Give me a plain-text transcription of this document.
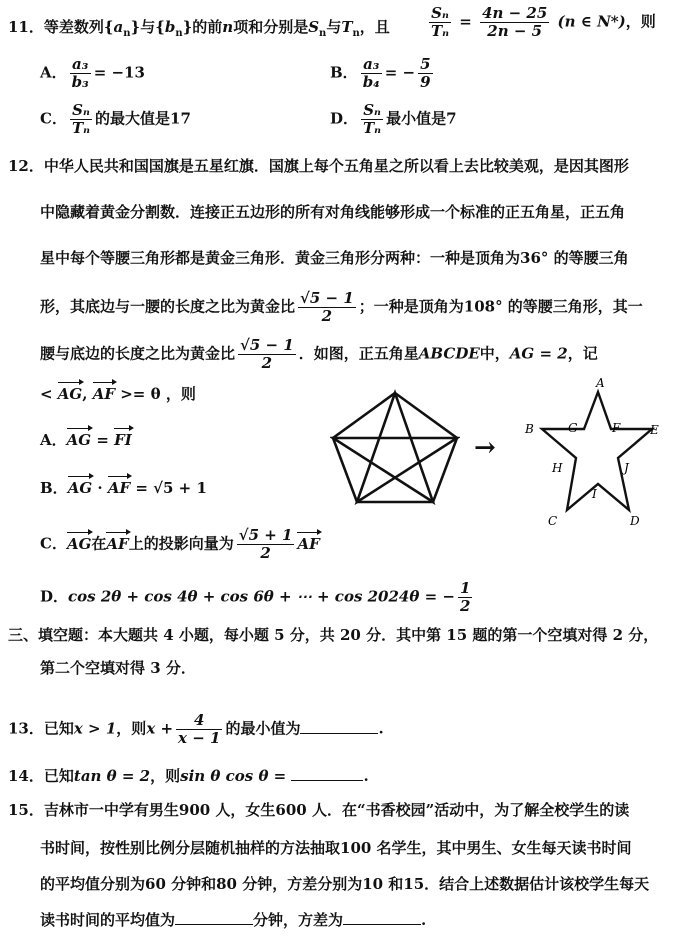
11．等差数列$\{a_n\}$与$\{b_n\}$的前n项和分别是$S_n$与$T_n$，且	$\frac{\text{Sₙ}}{\text{Tₙ}} = \frac{4n - 25}{2n - 5} (n$ ∈ N*)，则
A． $\frac{\text{a₃}}{\text{b₃}} = -13$	B． $\frac{\text{a₃}}{\text{b₄}}$ = − $\frac{5}{9}$
C． $\frac{\text{Sₙ}}{\text{Tₙ}}$ 的最大值是17	D． $\frac{\text{Sₙ}}{\text{Tₙ}}$ 最小值是7
12．中华人民共和国国旗是五星红旗．国旗上每个五角星之所以看上去比较美观，是因其图形
中隐藏着黄金分割数．连接正五边形的所有对角线能够形成一个标准的正五角星，正五角
星中每个等腰三角形都是黄金三角形．黄金三角形分两种：一种是顶角为36° 的等腰三角
形，其底边与一腰的长度之比为黄金比 $\frac{√5 - 1}{2}$ ；一种是顶角为108° 的等腰三角形，其一
腰与底边的长度之比为黄金比 $\frac{√5 - 1}{2}$ ．如图，正五角星ABCDE中，AG = 2，记
< AG, AF >= θ ，则
A．AG = FI
B．AG · AF = √5 + 1
C．AG在AF上的投影向量为 $\frac{√5 + 1}{2}$ AF
D．cos 2θ + cos 4θ + cos 6θ + ⋯ + cos 2024θ = − $\frac{1}{2}$
→
A
B	G	F E
H	J
I
C	D
三、填空题：本大题共 4 小题，每小题 5 分，共 20 分．其中第 15 题的第一个空填对得 2 分，
第二个空填对得 3 分．
13．已知x > 1，则$x + \frac{4}{x - 1}$ 的最小值为	.
14．已知tan θ = 2，则sin θ cos θ =	.
15．吉林市一中学有男生900 人，女生600 人．在“书香校园”活动中，为了解全校学生的读
书时间，按性别比例分层随机抽样的方法抽取100 名学生，其中男生、女生每天读书时间
的平均值分别为60 分钟和80 分钟，方差分别为10 和15．结合上述数据估计该校学生每天
读书时间的平均值为	分钟，方差为	.
